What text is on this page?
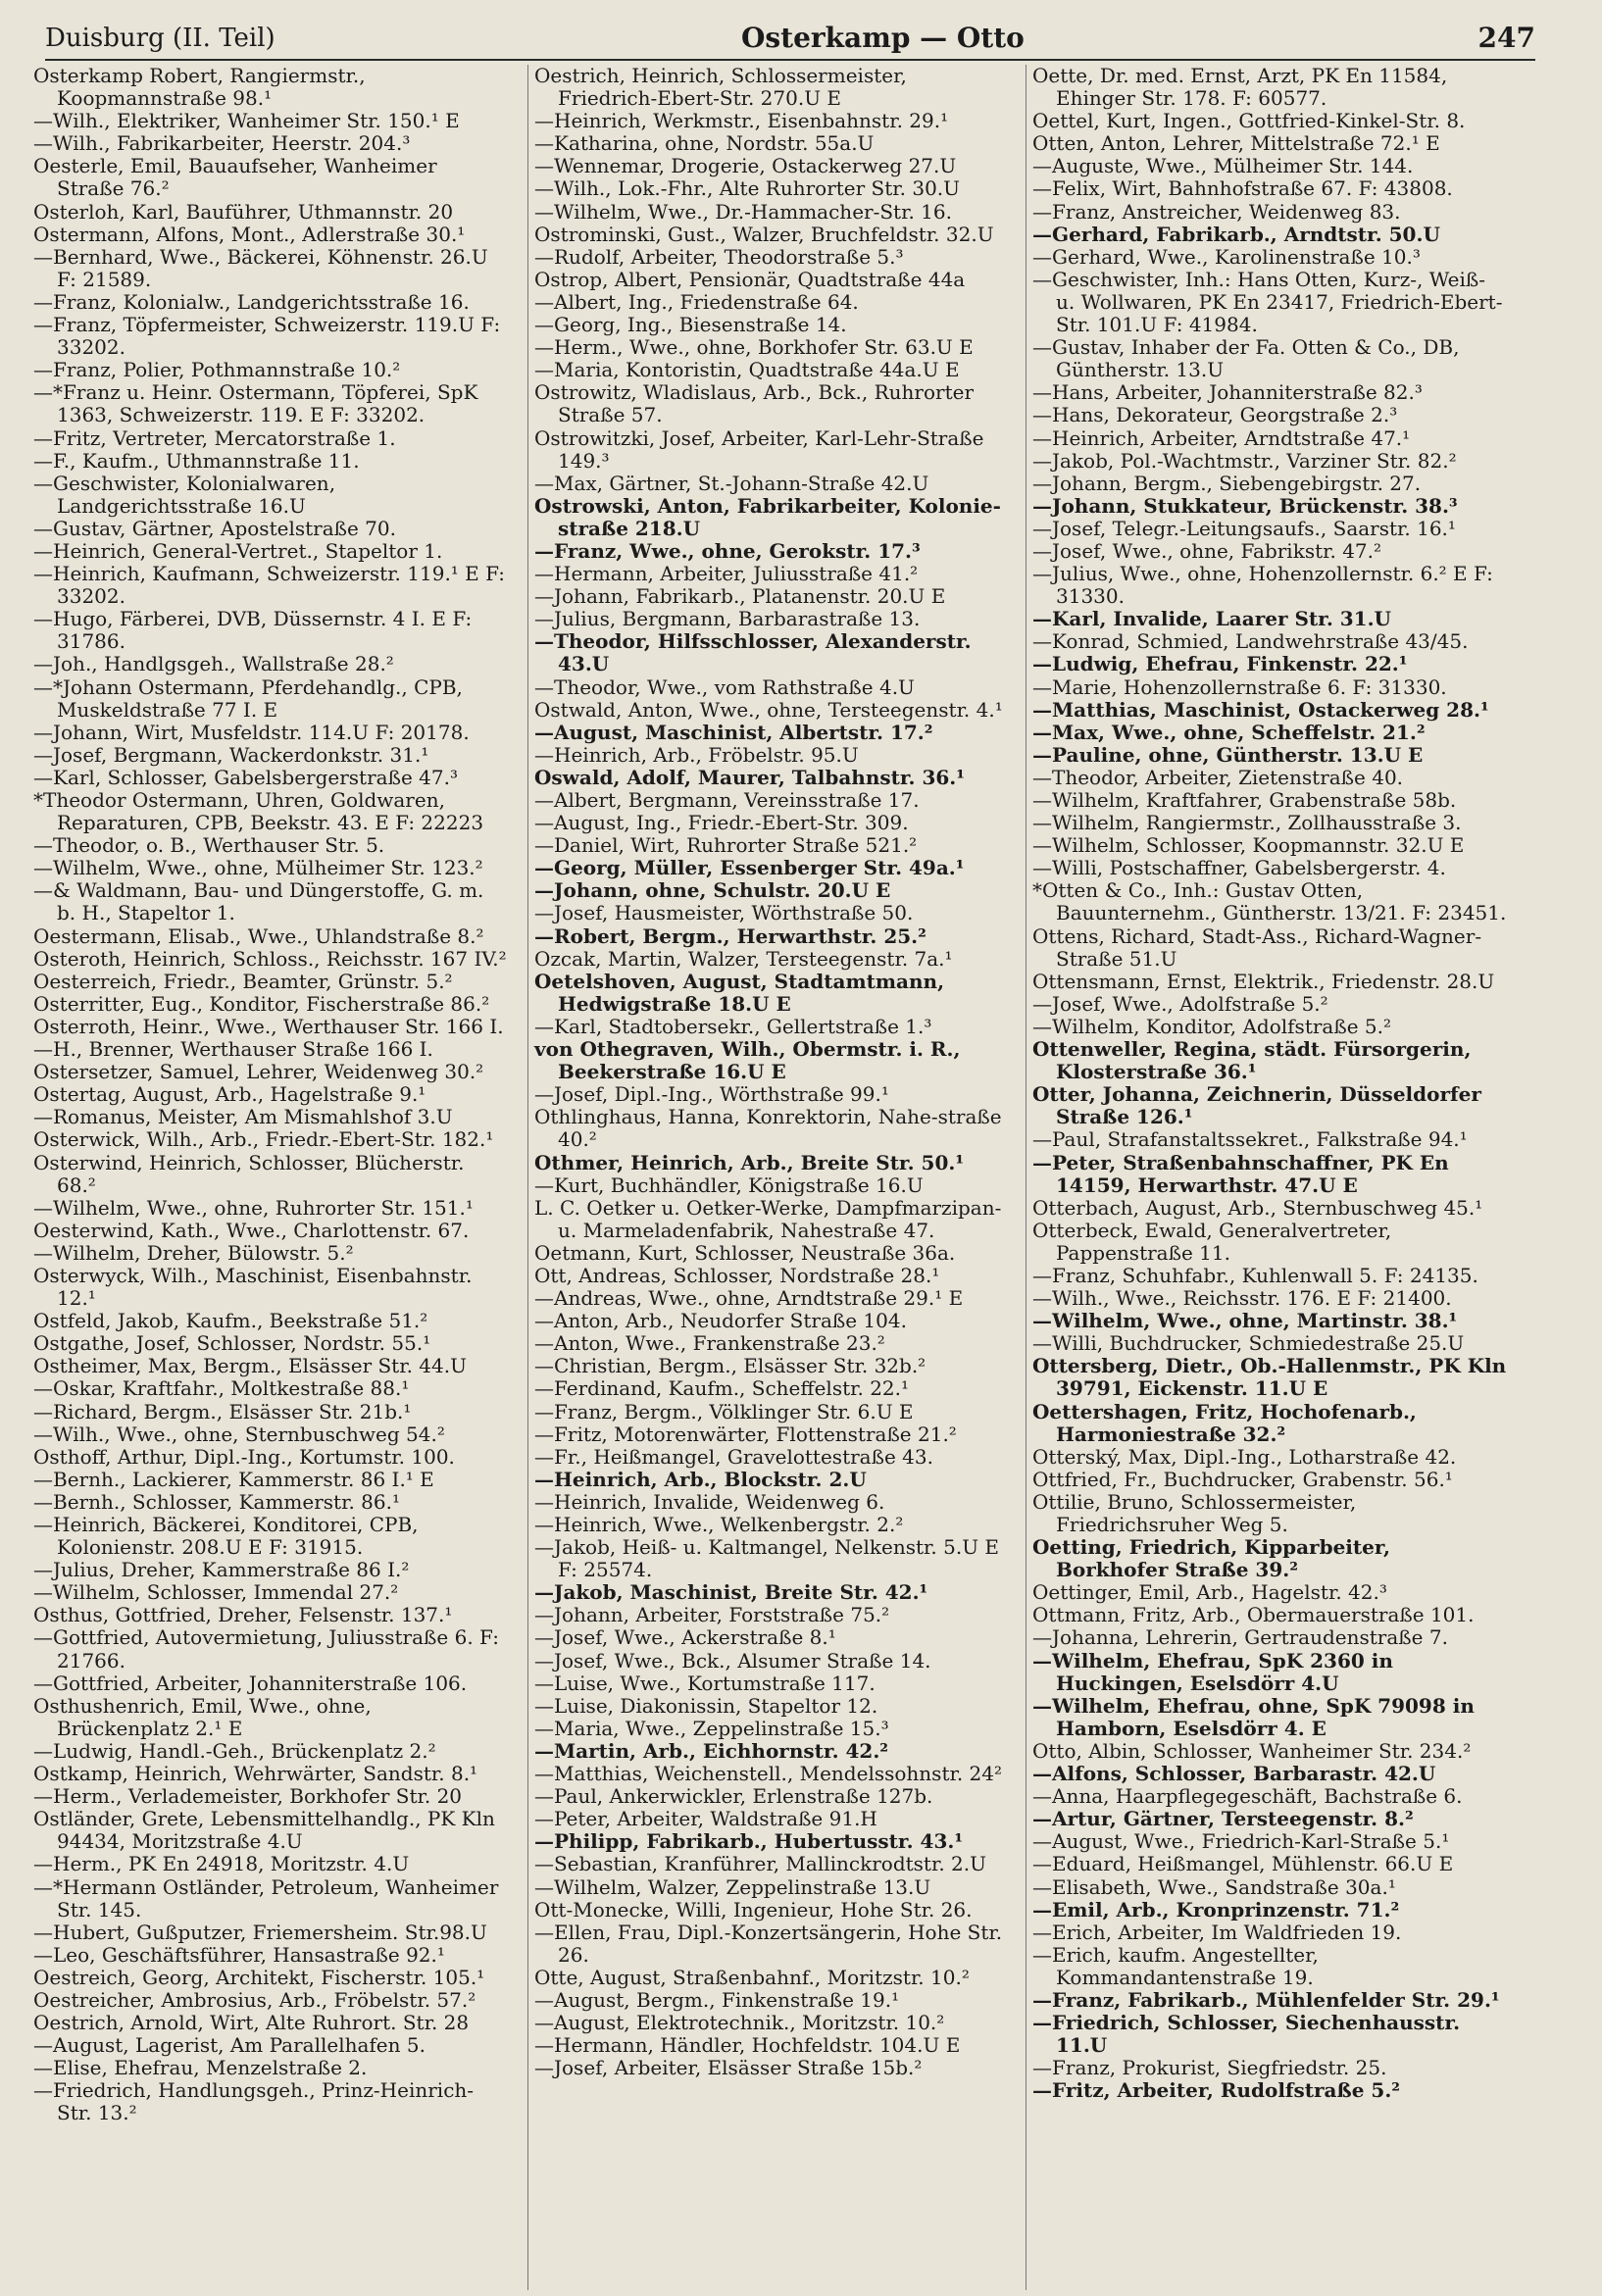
Duisburg (II. Teil)	Osterkamp — Otto	247
Osterkamp Robert, Rangiermstr., Koopmannstraße 98.¹
—Wilh., Elektriker, Wanheimer Str. 150.¹ E
—Wilh., Fabrikarbeiter, Heerstr. 204.³
Oesterle, Emil, Bauaufseher, Wanheimer Straße 76.²
Osterloh, Karl, Bauführer, Uthmannstr. 20
Ostermann, Alfons, Mont., Adlerstraße 30.¹
—Bernhard, Wwe., Bäckerei, Köhnenstr. 26.U F: 21589.
—Franz, Kolonialw., Landgerichtsstraße 16.
—Franz, Töpfermeister, Schweizerstr. 119.U F: 33202.
—Franz, Polier, Pothmannstraße 10.²
—*Franz u. Heinr. Ostermann, Töpferei, SpK 1363, Schweizerstr. 119. E F: 33202.
—Fritz, Vertreter, Mercatorstraße 1.
—F., Kaufm., Uthmannstraße 11.
—Geschwister, Kolonialwaren, Landgerichtsstraße 16.U
—Gustav, Gärtner, Apostelstraße 70.
—Heinrich, General-Vertret., Stapeltor 1.
—Heinrich, Kaufmann, Schweizerstr. 119.¹ E F: 33202.
—Hugo, Färberei, DVB, Düssernstr. 4 I. E F: 31786.
—Joh., Handlgsgeh., Wallstraße 28.²
—*Johann Ostermann, Pferdehandlg., CPB, Muskeldstraße 77 I. E
—Johann, Wirt, Musfeldstr. 114.U F: 20178.
—Josef, Bergmann, Wackerdonkstr. 31.¹
—Karl, Schlosser, Gabelsbergerstraße 47.³
*Theodor Ostermann, Uhren, Goldwaren, Reparaturen, CPB, Beekstr. 43. E F: 22223
—Theodor, o. B., Werthauser Str. 5.
—Wilhelm, Wwe., ohne, Mülheimer Str. 123.²
—& Waldmann, Bau- und Düngerstoffe, G. m. b. H., Stapeltor 1.
Oestermann, Elisab., Wwe., Uhlandstraße 8.²
Osteroth, Heinrich, Schloss., Reichsstr. 167 IV.²
Oesterreich, Friedr., Beamter, Grünstr. 5.²
Osterritter, Eug., Konditor, Fischerstraße 86.²
Osterroth, Heinr., Wwe., Werthauser Str. 166 I.
—H., Brenner, Werthauser Straße 166 I.
Ostersetzer, Samuel, Lehrer, Weidenweg 30.²
Ostertag, August, Arb., Hagelstraße 9.¹
—Romanus, Meister, Am Mismahlshof 3.U
Osterwick, Wilh., Arb., Friedr.-Ebert-Str. 182.¹
Osterwind, Heinrich, Schlosser, Blücherstr. 68.²
—Wilhelm, Wwe., ohne, Ruhrorter Str. 151.¹
Oesterwind, Kath., Wwe., Charlottenstr. 67.
—Wilhelm, Dreher, Bülowstr. 5.²
Osterwyck, Wilh., Maschinist, Eisenbahnstr. 12.¹
Ostfeld, Jakob, Kaufm., Beekstraße 51.²
Ostgathe, Josef, Schlosser, Nordstr. 55.¹
Ostheimer, Max, Bergm., Elsässer Str. 44.U
—Oskar, Kraftfahr., Moltkestraße 88.¹
—Richard, Bergm., Elsässer Str. 21b.¹
—Wilh., Wwe., ohne, Sternbuschweg 54.²
Osthoff, Arthur, Dipl.-Ing., Kortumstr. 100.
—Bernh., Lackierer, Kammerstr. 86 I.¹ E
—Bernh., Schlosser, Kammerstr. 86.¹
—Heinrich, Bäckerei, Konditorei, CPB, Kolonienstr. 208.U E F: 31915.
—Julius, Dreher, Kammerstraße 86 I.²
—Wilhelm, Schlosser, Immendal 27.²
Osthus, Gottfried, Dreher, Felsenstr. 137.¹
—Gottfried, Autovermietung, Juliusstraße 6. F: 21766.
—Gottfried, Arbeiter, Johanniterstraße 106.
Osthushenrich, Emil, Wwe., ohne, Brückenplatz 2.¹ E
—Ludwig, Handl.-Geh., Brückenplatz 2.²
Ostkamp, Heinrich, Wehrwärter, Sandstr. 8.¹
—Herm., Verlademeister, Borkhofer Str. 20
Ostländer, Grete, Lebensmittelhandlg., PK Kln 94434, Moritzstraße 4.U
—Herm., PK En 24918, Moritzstr. 4.U
—*Hermann Ostländer, Petroleum, Wanheimer Str. 145.
—Hubert, Gußputzer, Friemersheim. Str.98.U
—Leo, Geschäftsführer, Hansastraße 92.¹
Oestreich, Georg, Architekt, Fischerstr. 105.¹
Oestreicher, Ambrosius, Arb., Fröbelstr. 57.²
Oestrich, Arnold, Wirt, Alte Ruhrort. Str. 28
—August, Lagerist, Am Parallelhafen 5.
—Elise, Ehefrau, Menzelstraße 2.
—Friedrich, Handlungsgeh., Prinz-Heinrich-Str. 13.²
Oestrich, Heinrich, Schlossermeister, Friedrich-Ebert-Str. 270.U E
—Heinrich, Werkmstr., Eisenbahnstr. 29.¹
—Katharina, ohne, Nordstr. 55a.U
—Wennemar, Drogerie, Ostackerweg 27.U
—Wilh., Lok.-Fhr., Alte Ruhrorter Str. 30.U
—Wilhelm, Wwe., Dr.-Hammacher-Str. 16.
Ostrominski, Gust., Walzer, Bruchfeldstr. 32.U
—Rudolf, Arbeiter, Theodorstraße 5.³
Ostrop, Albert, Pensionär, Quadtstraße 44a
—Albert, Ing., Friedenstraße 64.
—Georg, Ing., Biesenstraße 14.
—Herm., Wwe., ohne, Borkhofer Str. 63.U E
—Maria, Kontoristin, Quadtstraße 44a.U E
Ostrowitz, Wladislaus, Arb., Bck., Ruhrorter Straße 57.
Ostrowitzki, Josef, Arbeiter, Karl-Lehr-Straße 149.³
—Max, Gärtner, St.-Johann-Straße 42.U
Ostrowski, Anton, Fabrikarbeiter, Kolonie-straße 218.U
—Franz, Wwe., ohne, Gerokstr. 17.³
—Hermann, Arbeiter, Juliusstraße 41.²
—Johann, Fabrikarb., Platanenstr. 20.U E
—Julius, Bergmann, Barbarastraße 13.
—Theodor, Hilfsschlosser, Alexanderstr. 43.U
—Theodor, Wwe., vom Rathstraße 4.U
Ostwald, Anton, Wwe., ohne, Tersteegenstr. 4.¹
—August, Maschinist, Albertstr. 17.²
—Heinrich, Arb., Fröbelstr. 95.U
Oswald, Adolf, Maurer, Talbahnstr. 36.¹
—Albert, Bergmann, Vereinsstraße 17.
—August, Ing., Friedr.-Ebert-Str. 309.
—Daniel, Wirt, Ruhrorter Straße 521.²
—Georg, Müller, Essenberger Str. 49a.¹
—Johann, ohne, Schulstr. 20.U E
—Josef, Hausmeister, Wörthstraße 50.
—Robert, Bergm., Herwarthstr. 25.²
Ozcak, Martin, Walzer, Tersteegenstr. 7a.¹
Oetelshoven, August, Stadtamtmann, Hedwigstraße 18.U E
—Karl, Stadtobersekr., Gellertstraße 1.³
von Othegraven, Wilh., Obermstr. i. R., Beekerstraße 16.U E
—Josef, Dipl.-Ing., Wörthstraße 99.¹
Othlinghaus, Hanna, Konrektorin, Nahe-straße 40.²
Othmer, Heinrich, Arb., Breite Str. 50.¹
—Kurt, Buchhändler, Königstraße 16.U
L. C. Oetker u. Oetker-Werke, Dampfmarzipan- u. Marmeladenfabrik, Nahestraße 47.
Oetmann, Kurt, Schlosser, Neustraße 36a.
Ott, Andreas, Schlosser, Nordstraße 28.¹
—Andreas, Wwe., ohne, Arndtstraße 29.¹ E
—Anton, Arb., Neudorfer Straße 104.
—Anton, Wwe., Frankenstraße 23.²
—Christian, Bergm., Elsässer Str. 32b.²
—Ferdinand, Kaufm., Scheffelstr. 22.¹
—Franz, Bergm., Völklinger Str. 6.U E
—Fritz, Motorenwärter, Flottenstraße 21.²
—Fr., Heißmangel, Gravelottestraße 43.
—Heinrich, Arb., Blockstr. 2.U
—Heinrich, Invalide, Weidenweg 6.
—Heinrich, Wwe., Welkenbergstr. 2.²
—Jakob, Heiß- u. Kaltmangel, Nelkenstr. 5.U E F: 25574.
—Jakob, Maschinist, Breite Str. 42.¹
—Johann, Arbeiter, Forststraße 75.²
—Josef, Wwe., Ackerstraße 8.¹
—Josef, Wwe., Bck., Alsumer Straße 14.
—Luise, Wwe., Kortumstraße 117.
—Luise, Diakonissin, Stapeltor 12.
—Maria, Wwe., Zeppelinstraße 15.³
—Martin, Arb., Eichhornstr. 42.²
—Matthias, Weichenstell., Mendelssohnstr. 24²
—Paul, Ankerwickler, Erlenstraße 127b.
—Peter, Arbeiter, Waldstraße 91.H
—Philipp, Fabrikarb., Hubertusstr. 43.¹
—Sebastian, Kranführer, Mallinckrodtstr. 2.U
—Wilhelm, Walzer, Zeppelinstraße 13.U
Ott-Monecke, Willi, Ingenieur, Hohe Str. 26.
—Ellen, Frau, Dipl.-Konzertsängerin, Hohe Str. 26.
Otte, August, Straßenbahnf., Moritzstr. 10.²
—August, Bergm., Finkenstraße 19.¹
—August, Elektrotechnik., Moritzstr. 10.²
—Hermann, Händler, Hochfeldstr. 104.U E
—Josef, Arbeiter, Elsässer Straße 15b.²
Oette, Dr. med. Ernst, Arzt, PK En 11584, Ehinger Str. 178. F: 60577.
Oettel, Kurt, Ingen., Gottfried-Kinkel-Str. 8.
Otten, Anton, Lehrer, Mittelstraße 72.¹ E
—Auguste, Wwe., Mülheimer Str. 144.
—Felix, Wirt, Bahnhofstraße 67. F: 43808.
—Franz, Anstreicher, Weidenweg 83.
—Gerhard, Fabrikarb., Arndtstr. 50.U
—Gerhard, Wwe., Karolinenstraße 10.³
—Geschwister, Inh.: Hans Otten, Kurz-, Weiß- u. Wollwaren, PK En 23417, Friedrich-Ebert-Str. 101.U F: 41984.
—Gustav, Inhaber der Fa. Otten & Co., DB, Güntherstr. 13.U
—Hans, Arbeiter, Johanniterstraße 82.³
—Hans, Dekorateur, Georgstraße 2.³
—Heinrich, Arbeiter, Arndtstraße 47.¹
—Jakob, Pol.-Wachtmstr., Varziner Str. 82.²
—Johann, Bergm., Siebengebirgstr. 27.
—Johann, Stukkateur, Brückenstr. 38.³
—Josef, Telegr.-Leitungsaufs., Saarstr. 16.¹
—Josef, Wwe., ohne, Fabrikstr. 47.²
—Julius, Wwe., ohne, Hohenzollernstr. 6.² E F: 31330.
—Karl, Invalide, Laarer Str. 31.U
—Konrad, Schmied, Landwehrstraße 43/45.
—Ludwig, Ehefrau, Finkenstr. 22.¹
—Marie, Hohenzollernstraße 6. F: 31330.
—Matthias, Maschinist, Ostackerweg 28.¹
—Max, Wwe., ohne, Scheffelstr. 21.²
—Pauline, ohne, Güntherstr. 13.U E
—Theodor, Arbeiter, Zietenstraße 40.
—Wilhelm, Kraftfahrer, Grabenstraße 58b.
—Wilhelm, Rangiermstr., Zollhausstraße 3.
—Wilhelm, Schlosser, Koopmannstr. 32.U E
—Willi, Postschaffner, Gabelsbergerstr. 4.
*Otten & Co., Inh.: Gustav Otten, Bauunternehm., Güntherstr. 13/21. F: 23451.
Ottens, Richard, Stadt-Ass., Richard-Wagner-Straße 51.U
Ottensmann, Ernst, Elektrik., Friedenstr. 28.U
—Josef, Wwe., Adolfstraße 5.²
—Wilhelm, Konditor, Adolfstraße 5.²
Ottenweller, Regina, städt. Fürsorgerin, Klosterstraße 36.¹
Otter, Johanna, Zeichnerin, Düsseldorfer Straße 126.¹
—Paul, Strafanstaltssekret., Falkstraße 94.¹
—Peter, Straßenbahnschaffner, PK En 14159, Herwarthstr. 47.U E
Otterbach, August, Arb., Sternbuschweg 45.¹
Otterbeck, Ewald, Generalvertreter, Pappenstraße 11.
—Franz, Schuhfabr., Kuhlenwall 5. F: 24135.
—Wilh., Wwe., Reichsstr. 176. E F: 21400.
—Wilhelm, Wwe., ohne, Martinstr. 38.¹
—Willi, Buchdrucker, Schmiedestraße 25.U
Ottersberg, Dietr., Ob.-Hallenmstr., PK Kln 39791, Eickenstr. 11.U E
Oettershagen, Fritz, Hochofenarb., Harmoniestraße 32.²
Otterský, Max, Dipl.-Ing., Lotharstraße 42.
Ottfried, Fr., Buchdrucker, Grabenstr. 56.¹
Ottilie, Bruno, Schlossermeister, Friedrichsruher Weg 5.
Oetting, Friedrich, Kipparbeiter, Borkhofer Straße 39.²
Oettinger, Emil, Arb., Hagelstr. 42.³
Ottmann, Fritz, Arb., Obermauerstraße 101.
—Johanna, Lehrerin, Gertraudenstraße 7.
—Wilhelm, Ehefrau, SpK 2360 in Huckingen, Eselsdörr 4.U
—Wilhelm, Ehefrau, ohne, SpK 79098 in Hamborn, Eselsdörr 4. E
Otto, Albin, Schlosser, Wanheimer Str. 234.²
—Alfons, Schlosser, Barbarastr. 42.U
—Anna, Haarpflegegeschäft, Bachstraße 6.
—Artur, Gärtner, Tersteegenstr. 8.²
—August, Wwe., Friedrich-Karl-Straße 5.¹
—Eduard, Heißmangel, Mühlenstr. 66.U E
—Elisabeth, Wwe., Sandstraße 30a.¹
—Emil, Arb., Kronprinzenstr. 71.²
—Erich, Arbeiter, Im Waldfrieden 19.
—Erich, kaufm. Angestellter, Kommandantenstraße 19.
—Franz, Fabrikarb., Mühlenfelder Str. 29.¹
—Friedrich, Schlosser, Siechenhausstr. 11.U
—Franz, Prokurist, Siegfriedstr. 25.
—Fritz, Arbeiter, Rudolfstraße 5.²
